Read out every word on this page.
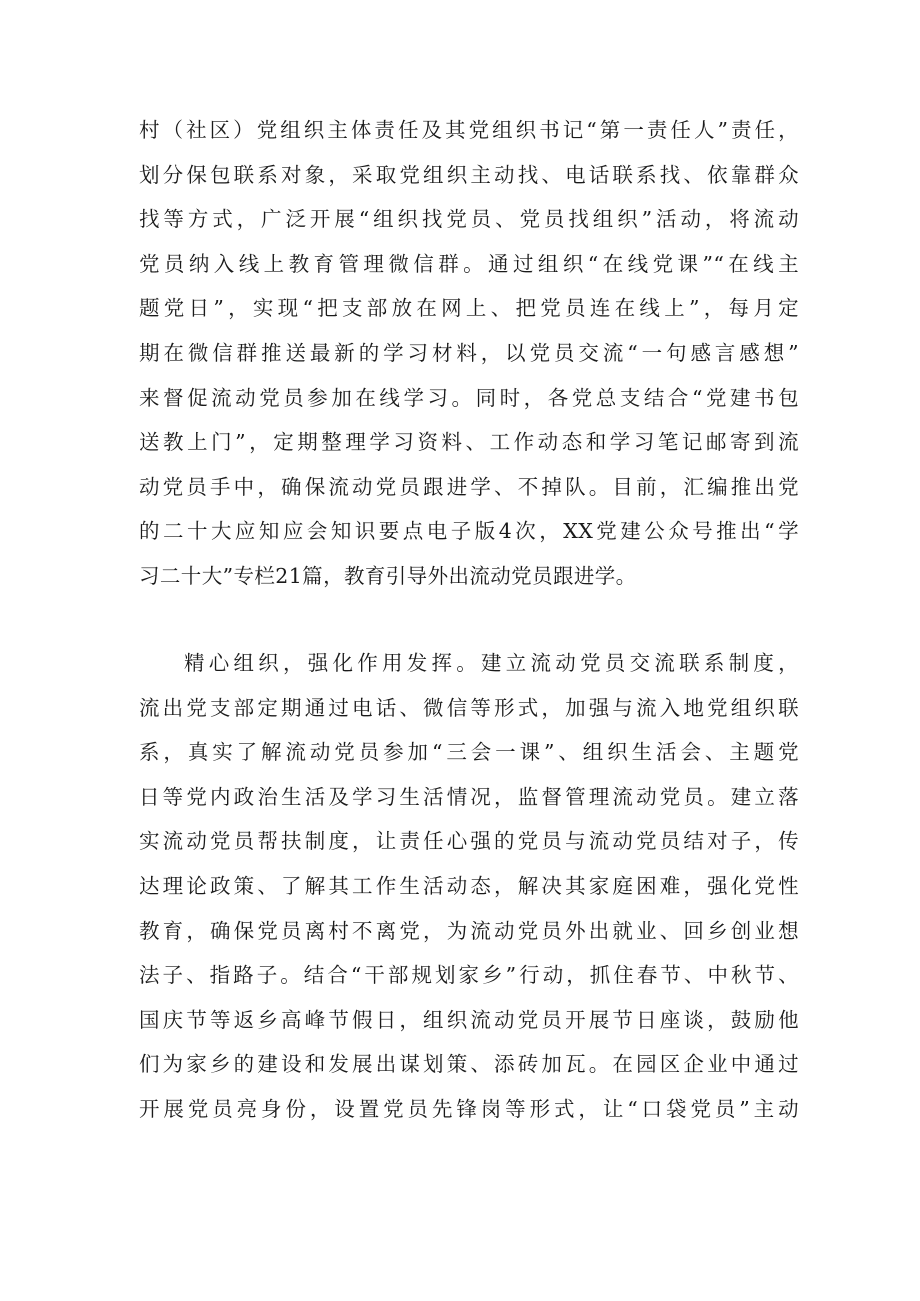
村（社区）党组织主体责任及其党组织书记“第一责任人”责任，
划分保包联系对象，采取党组织主动找、电话联系找、依靠群众
找等方式，广泛开展“组织找党员、党员找组织”活动，将流动
党员纳入线上教育管理微信群。通过组织“在线党课”“在线主
题党日”，实现“把支部放在网上、把党员连在线上”，每月定
期在微信群推送最新的学习材料，以党员交流“一句感言感想”
来督促流动党员参加在线学习。同时，各党总支结合“党建书包
送教上门”，定期整理学习资料、工作动态和学习笔记邮寄到流
动党员手中，确保流动党员跟进学、不掉队。目前，汇编推出党
的二十大应知应会知识要点电子版4次，XX党建公众号推出“学
习二十大”专栏21篇，教育引导外出流动党员跟进学。
精心组织，强化作用发挥。建立流动党员交流联系制度，
流出党支部定期通过电话、微信等形式，加强与流入地党组织联
系，真实了解流动党员参加“三会一课”、组织生活会、主题党
日等党内政治生活及学习生活情况，监督管理流动党员。建立落
实流动党员帮扶制度，让责任心强的党员与流动党员结对子，传
达理论政策、了解其工作生活动态，解决其家庭困难，强化党性
教育，确保党员离村不离党，为流动党员外出就业、回乡创业想
法子、指路子。结合“干部规划家乡”行动，抓住春节、中秋节、
国庆节等返乡高峰节假日，组织流动党员开展节日座谈，鼓励他
们为家乡的建设和发展出谋划策、添砖加瓦。在园区企业中通过
开展党员亮身份，设置党员先锋岗等形式，让“口袋党员”主动
